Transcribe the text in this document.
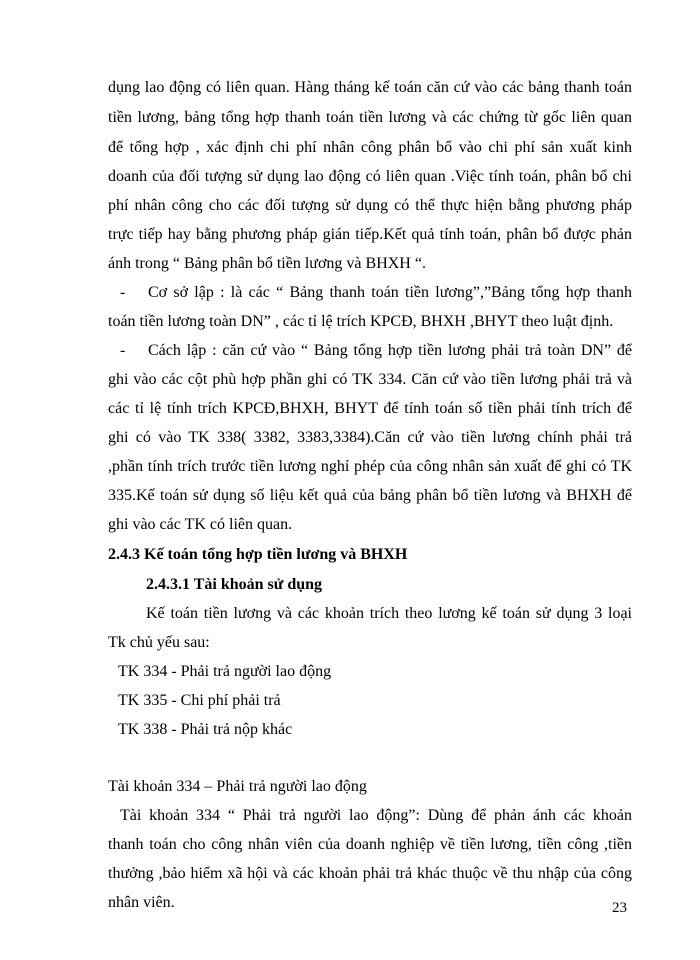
dụng lao động có liên quan. Hàng tháng kế toán căn cứ vào các bảng thanh toán
tiền lương, bảng tổng hợp thanh toán tiền lương và các chứng từ gốc liên quan
để tổng hợp , xác định chi phí nhân công phân bổ vào chi phí sản xuất kinh
doanh của đối tượng sử dụng lao động có liên quan .Việc tính toán, phân bổ chi
phí nhân công cho các đối tượng sử dụng có thể thực hiện bằng phương pháp
trực tiếp hay bằng phương pháp gián tiếp.Kết quả tính toán, phân bổ được phản
ánh trong “ Bảng phân bổ tiền lương và BHXH “.
- Cơ sở lập : là các “ Bảng thanh toán tiền lương”,”Bảng tổng hợp thanh
toán tiền lương toàn DN” , các tỉ lệ trích KPCĐ, BHXH ,BHYT theo luật định.
- Cách lập : căn cứ vào “ Bảng tổng hợp tiền lương phải trả toàn DN” để
ghi vào các cột phù hợp phần ghi có TK 334. Căn cứ vào tiền lương phải trả và
các tỉ lệ tính trích KPCĐ,BHXH, BHYT để tính toán số tiền phải tính trích để
ghi có vào TK 338( 3382, 3383,3384).Căn cứ vào tiền lương chính phải trả
,phần tính trích trước tiền lương nghỉ phép của công nhân sản xuất để ghi có TK
335.Kế toán sử dụng số liệu kết quả của bảng phân bổ tiền lương và BHXH để
ghi vào các TK có liên quan.
2.4.3 Kế toán tổng hợp tiền lương và BHXH
2.4.3.1 Tài khoản sử dụng
Kế toán tiền lương và các khoản trích theo lương kế toán sử dụng 3 loại
Tk chủ yếu sau:
TK 334 - Phải trả người lao động
TK 335 - Chi phí phải trả
TK 338 - Phải trả nộp khác
Tài khoản 334 – Phải trả người lao động
Tài khoản 334 “ Phải trả người lao động”: Dùng để phản ánh các khoản
thanh toán cho công nhân viên của doanh nghiệp về tiền lương, tiền công ,tiền
thưởng ,bảo hiểm xã hội và các khoản phải trả khác thuộc về thu nhập của công
nhân viên.	23
